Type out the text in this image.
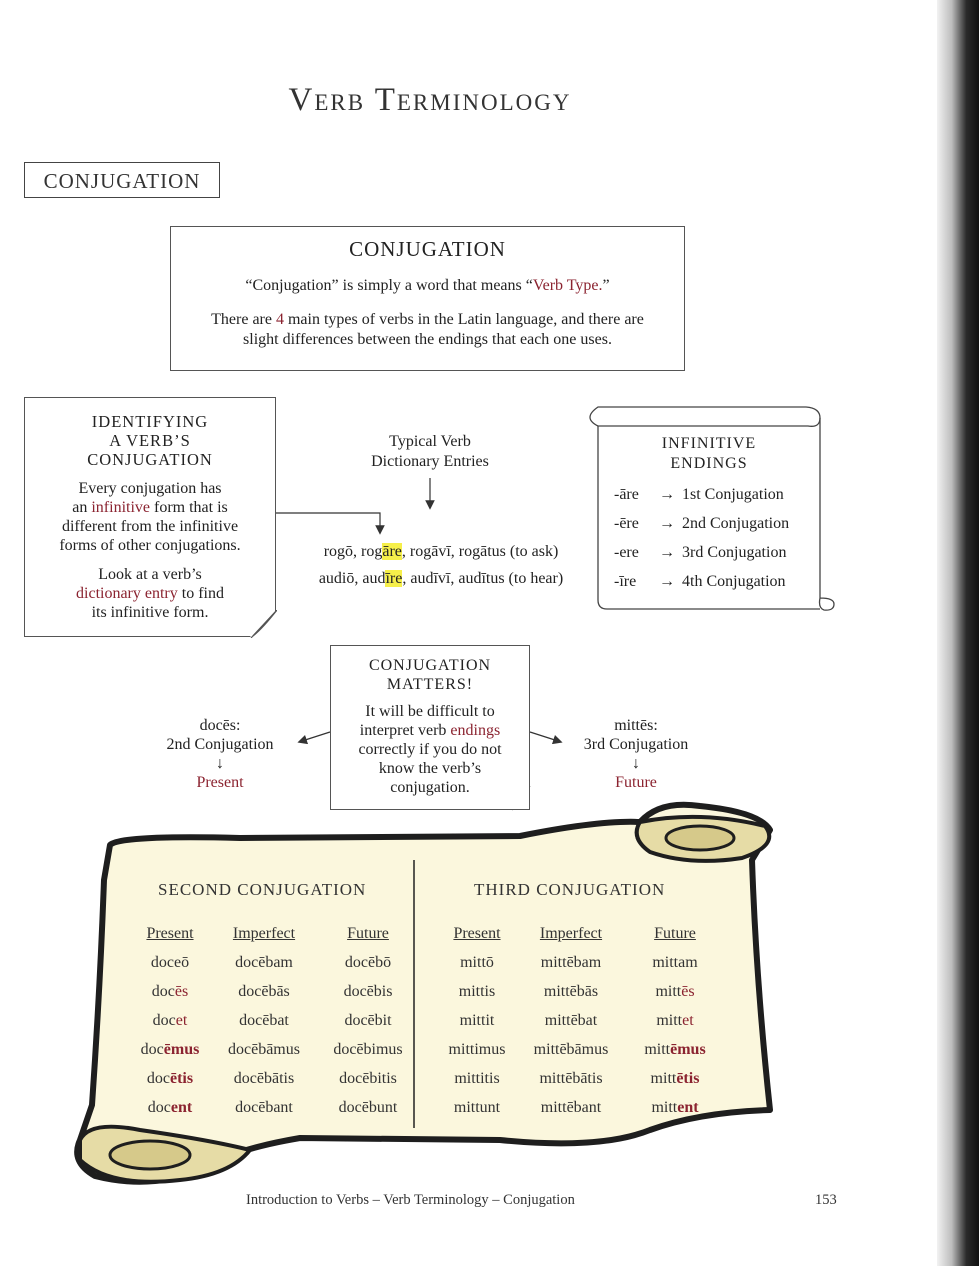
Verb Terminology
CONJUGATION
CONJUGATION

“Conjugation” is simply a word that means “Verb Type.”

There are 4 main types of verbs in the Latin language, and there are
slight differences between the endings that each one uses.

IDENTIFYING
A VERB’S
CONJUGATION

Every conjugation has
an infinitive form that is
different from the infinitive
forms of other conjugations.

Look at a verb’s
dictionary entry to find
its infinitive form.

Typical Verb
Dictionary Entries
rogō, rogāre, rogāvī, rogātus (to ask)
audiō, audīre, audīvī, audītus (to hear)
INFINITIVE
ENDINGS
-āre → 1st Conjugation
-ēre → 2nd Conjugation
-ere → 3rd Conjugation
-īre → 4th Conjugation
CONJUGATION
MATTERS!

It will be difficult to
interpret verb endings
correctly if you do not
know the verb’s
conjugation.

docēs:
2nd Conjugation
↓
Present
mittēs:
3rd Conjugation
↓
Future
SECOND CONJUGATION	THIRD CONJUGATION
Present	Imperfect	Future	Present	Imperfect	Future
doceō	docēbam	docēbō	mittō	mittēbam	mittam
docēs	docēbās	docēbis	mittis	mittēbās	mittēs
docet	docēbat	docēbit	mittit	mittēbat	mittet
docēmus	docēbāmus	docēbimus	mittimus	mittēbāmus	mittēmus
docētis	docēbātis	docēbitis	mittitis	mittēbātis	mittētis
docent	docēbant	docēbunt	mittunt	mittēbant	mittent
Introduction to Verbs – Verb Terminology – Conjugation	153
